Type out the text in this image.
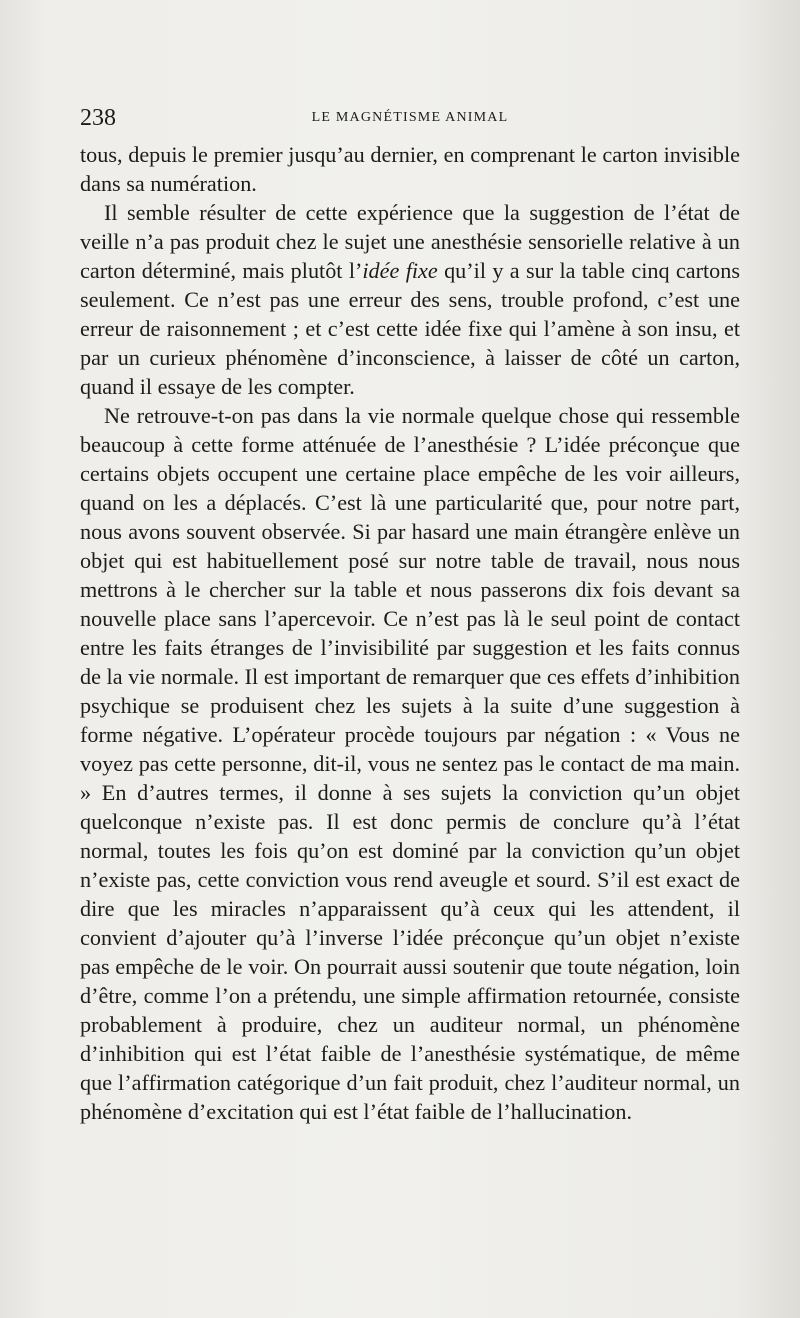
238	LE MAGNÉTISME ANIMAL

tous, depuis le premier jusqu’au dernier, en comprenant le carton invisible dans sa numération.

Il semble résulter de cette expérience que la suggestion de l’état de veille n’a pas produit chez le sujet une anesthésie sensorielle relative à un carton déterminé, mais plutôt l’idée fixe qu’il y a sur la table cinq cartons seulement. Ce n’est pas une erreur des sens, trouble profond, c’est une erreur de raisonnement ; et c’est cette idée fixe qui l’amène à son insu, et par un curieux phénomène d’inconscience, à laisser de côté un carton, quand il essaye de les compter.

Ne retrouve-t-on pas dans la vie normale quelque chose qui ressemble beaucoup à cette forme atténuée de l’anesthésie ? L’idée préconçue que certains objets occupent une certaine place empêche de les voir ailleurs, quand on les a déplacés. C’est là une particularité que, pour notre part, nous avons souvent observée. Si par hasard une main étrangère enlève un objet qui est habituellement posé sur notre table de travail, nous nous mettrons à le chercher sur la table et nous passerons dix fois devant sa nouvelle place sans l’apercevoir. Ce n’est pas là le seul point de contact entre les faits étranges de l’invisibilité par suggestion et les faits connus de la vie normale. Il est important de remarquer que ces effets d’inhibition psychique se produisent chez les sujets à la suite d’une suggestion à forme négative. L’opérateur procède toujours par négation : « Vous ne voyez pas cette personne, dit-il, vous ne sentez pas le contact de ma main. » En d’autres termes, il donne à ses sujets la conviction qu’un objet quelconque n’existe pas. Il est donc permis de conclure qu’à l’état normal, toutes les fois qu’on est dominé par la conviction qu’un objet n’existe pas, cette conviction vous rend aveugle et sourd. S’il est exact de dire que les miracles n’apparaissent qu’à ceux qui les attendent, il convient d’ajouter qu’à l’inverse l’idée préconçue qu’un objet n’existe pas empêche de le voir. On pourrait aussi soutenir que toute négation, loin d’être, comme l’on a prétendu, une simple affirmation retournée, consiste probablement à produire, chez un auditeur normal, un phénomène d’inhibition qui est l’état faible de l’anesthésie systématique, de même que l’affirmation catégorique d’un fait produit, chez l’auditeur normal, un phénomène d’excitation qui est l’état faible de l’hallucination.
